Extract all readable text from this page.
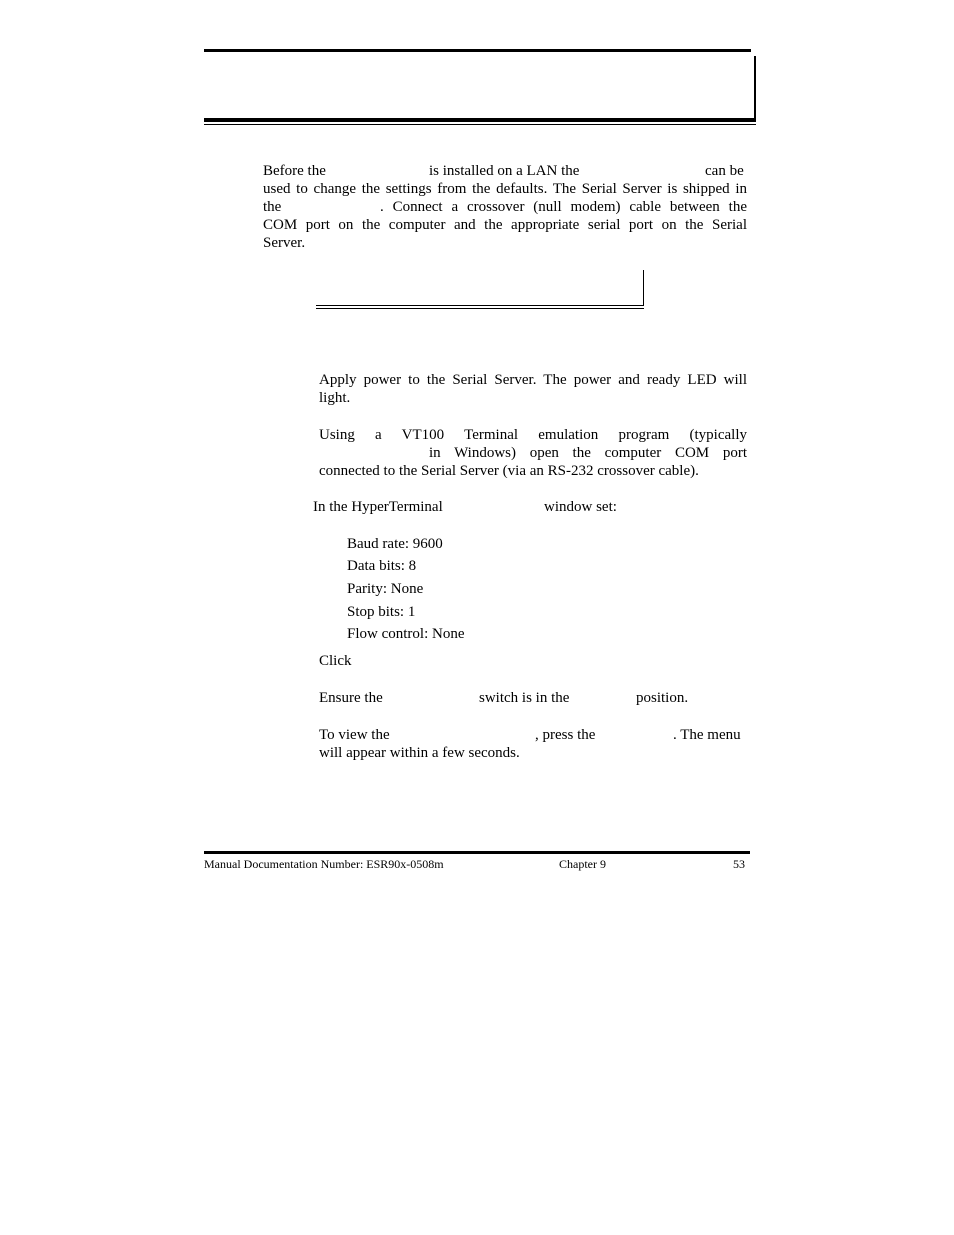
Before the	is installed on a LAN the	can be
used to change the settings from the defaults. The Serial Server is shipped in
the	. Connect a crossover (null modem) cable between the
COM port on the computer and the appropriate serial port on the Serial
Server.
Apply power to the Serial Server. The power and ready LED will
light.
Using a VT100 Terminal emulation program (typically
in Windows) open the computer COM port
connected to the Serial Server (via an RS-232 crossover cable).
In the HyperTerminal	window set:
Baud rate: 9600
Data bits: 8
Parity: None
Stop bits: 1
Flow control: None
Click
Ensure the	switch is in the	position.
To view the	, press the	. The menu
will appear within a few seconds.
Manual Documentation Number: ESR90x-0508m	Chapter 9	53
